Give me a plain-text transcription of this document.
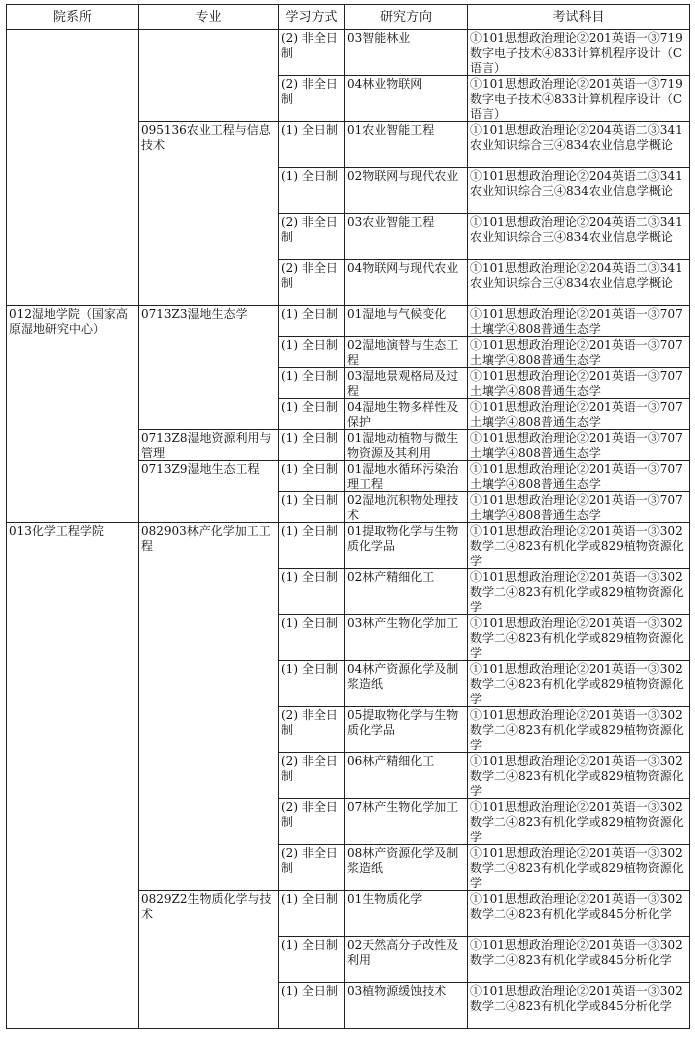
院系所	专业	学习方式	研究方向	考试科目

		(2) 非全日制	03智能林业	①101思想政治理论②201英语一③719数字电子技术④833计算机程序设计（C语言）

		(2) 非全日制	04林业物联网	①101思想政治理论②201英语一③719数字电子技术④833计算机程序设计（C语言）

	095136农业工程与信息技术	(1) 全日制	01农业智能工程	①101思想政治理论②204英语二③341农业知识综合三④834农业信息学概论

		(1) 全日制	02物联网与现代农业	①101思想政治理论②204英语二③341农业知识综合三④834农业信息学概论

		(2) 非全日制	03农业智能工程	①101思想政治理论②204英语二③341农业知识综合三④834农业信息学概论

		(2) 非全日制	04物联网与现代农业	①101思想政治理论②204英语二③341农业知识综合三④834农业信息学概论

012湿地学院（国家高原湿地研究中心）	0713Z3湿地生态学	(1) 全日制	01湿地与气候变化	①101思想政治理论②201英语一③707土壤学④808普通生态学

		(1) 全日制	02湿地演替与生态工程	①101思想政治理论②201英语一③707土壤学④808普通生态学

		(1) 全日制	03湿地景观格局及过程	①101思想政治理论②201英语一③707土壤学④808普通生态学

		(1) 全日制	04湿地生物多样性及保护	①101思想政治理论②201英语一③707土壤学④808普通生态学

	0713Z8湿地资源利用与管理	(1) 全日制	01湿地动植物与微生物资源及其利用	①101思想政治理论②201英语一③707土壤学④808普通生态学

	0713Z9湿地生态工程	(1) 全日制	01湿地水循环污染治理工程	①101思想政治理论②201英语一③707土壤学④808普通生态学

		(1) 全日制	02湿地沉积物处理技术	①101思想政治理论②201英语一③707土壤学④808普通生态学

013化学工程学院	082903林产化学加工工程	(1) 全日制	01提取物化学与生物质化学品	①101思想政治理论②201英语一③302数学二④823有机化学或829植物资源化学

		(1) 全日制	02林产精细化工	①101思想政治理论②201英语一③302数学二④823有机化学或829植物资源化学

		(1) 全日制	03林产生物化学加工	①101思想政治理论②201英语一③302数学二④823有机化学或829植物资源化学

		(1) 全日制	04林产资源化学及制浆造纸	①101思想政治理论②201英语一③302数学二④823有机化学或829植物资源化学

		(2) 非全日制	05提取物化学与生物质化学品	①101思想政治理论②201英语一③302数学二④823有机化学或829植物资源化学

		(2) 非全日制	06林产精细化工	①101思想政治理论②201英语一③302数学二④823有机化学或829植物资源化学

		(2) 非全日制	07林产生物化学加工	①101思想政治理论②201英语一③302数学二④823有机化学或829植物资源化学

		(2) 非全日制	08林产资源化学及制浆造纸	①101思想政治理论②201英语一③302数学二④823有机化学或829植物资源化学

	0829Z2生物质化学与技术	(1) 全日制	01生物质化学	①101思想政治理论②201英语一③302数学二④823有机化学或845分析化学

		(1) 全日制	02天然高分子改性及利用	①101思想政治理论②201英语一③302数学二④823有机化学或845分析化学

		(1) 全日制	03植物源缓蚀技术	①101思想政治理论②201英语一③302数学二④823有机化学或845分析化学
